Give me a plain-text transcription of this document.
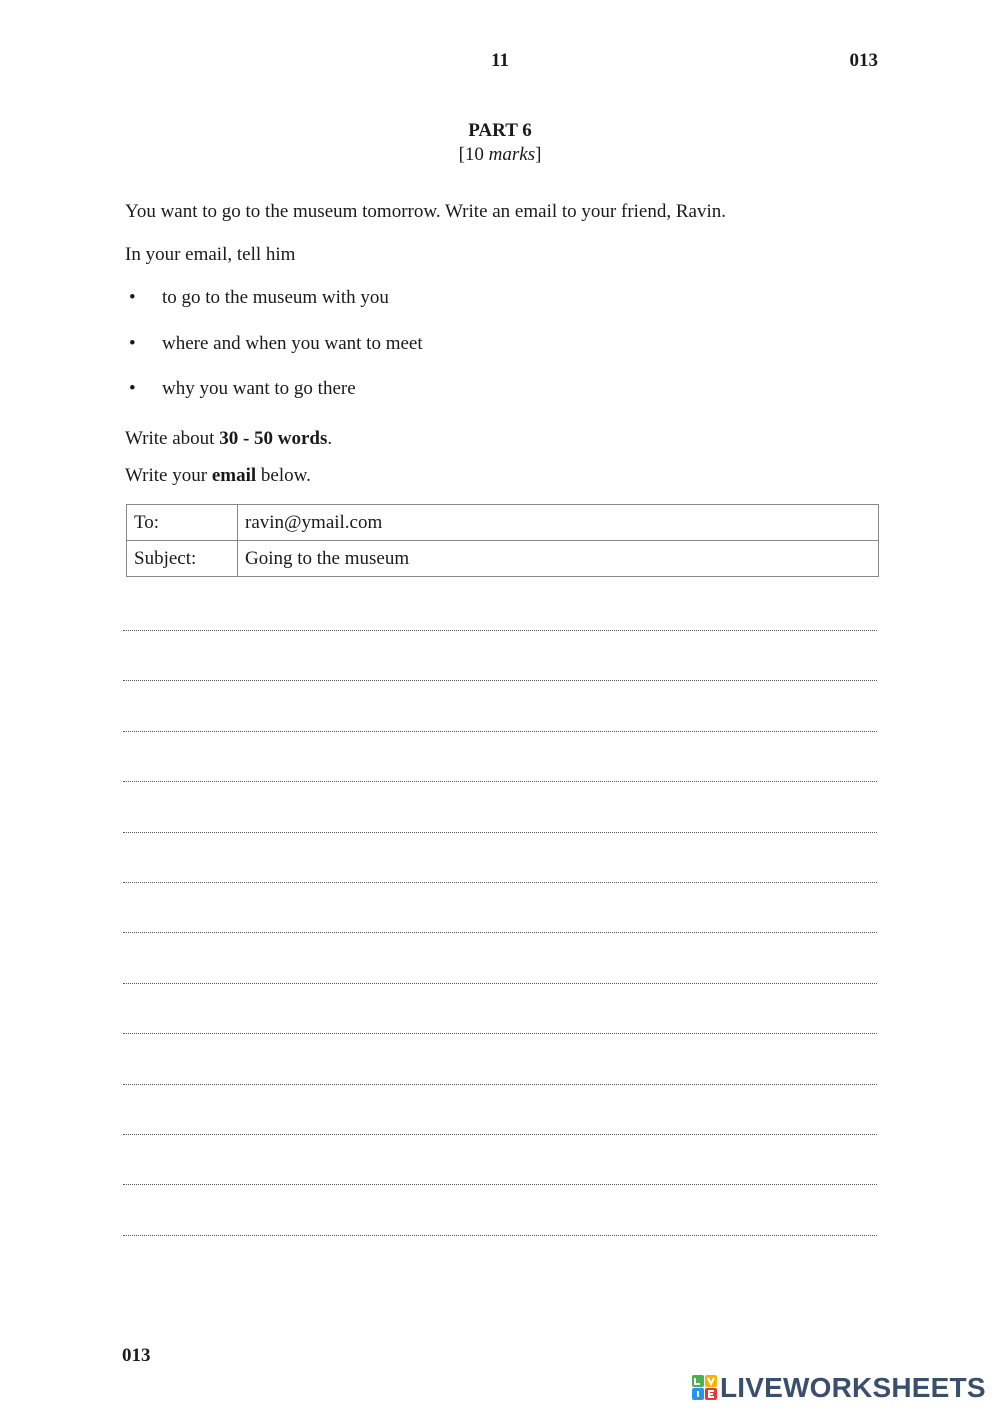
11	013
PART 6
[10 marks]
You want to go to the museum tomorrow. Write an email to your friend, Ravin.
In your email, tell him
•	to go to the museum with you
•	where and when you want to meet
•	why you want to go there
Write about 30 - 50 words.
Write your email below.
To:	ravin@ymail.com
Subject:	Going to the museum
013
LIVEWORKSHEETS
